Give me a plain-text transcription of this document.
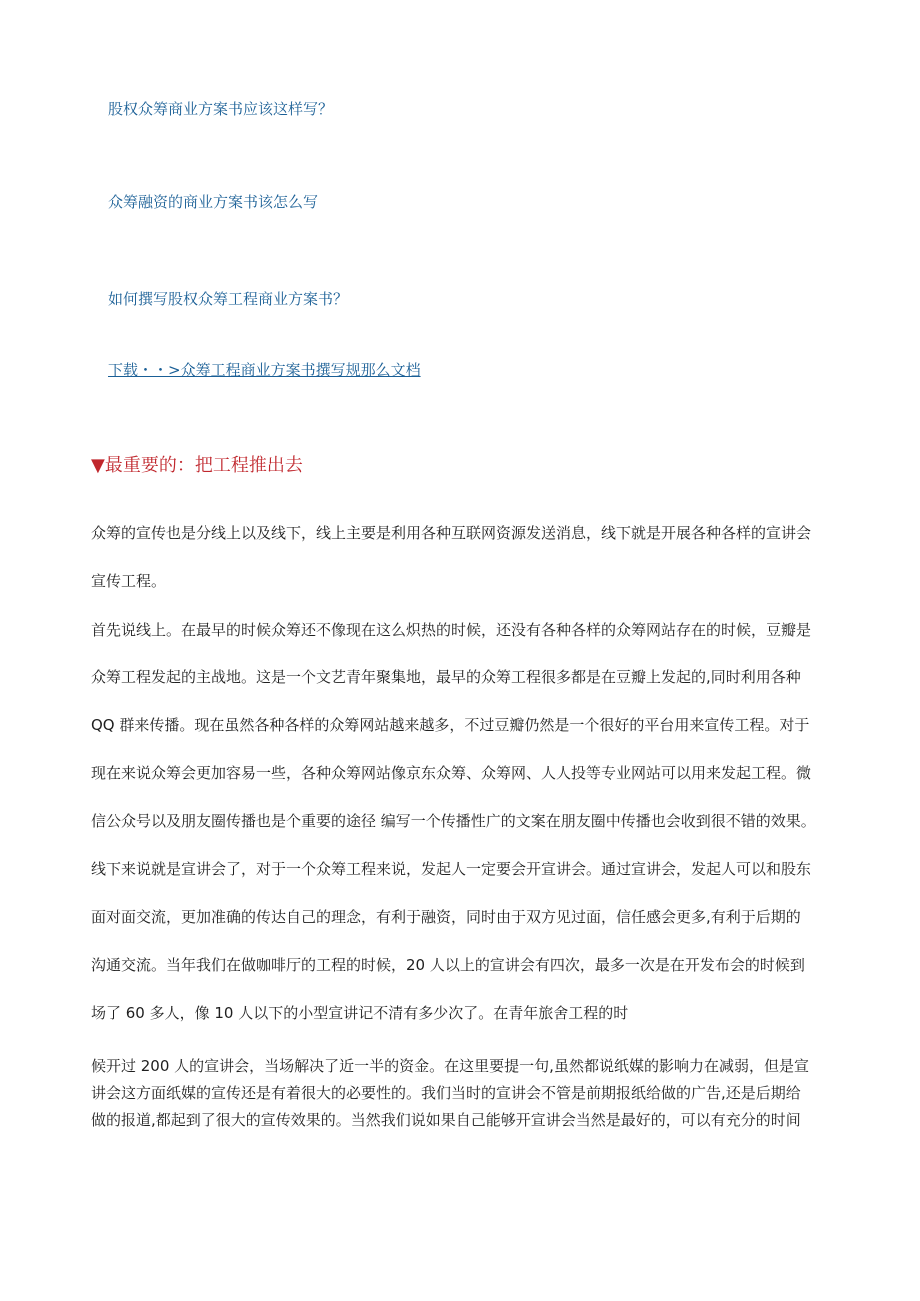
股权众筹商业方案书应该这样写？
众筹融资的商业方案书该怎么写
如何撰写股权众筹工程商业方案书？
下载・・>众筹工程商业方案书撰写规那么文档
▼最重要的：把工程推出去
众筹的宣传也是分线上以及线下，线上主要是利用各种互联网资源发送消息，线下就是开展各种各样的宣讲会
宣传工程。
首先说线上。在最早的时候众筹还不像现在这么炽热的时候，还没有各种各样的众筹网站存在的时候，豆瓣是
众筹工程发起的主战地。这是一个文艺青年聚集地，最早的众筹工程很多都是在豆瓣上发起的,同时利用各种
QQ 群来传播。现在虽然各种各样的众筹网站越来越多，不过豆瓣仍然是一个很好的平台用来宣传工程。对于
现在来说众筹会更加容易一些，各种众筹网站像京东众筹、众筹网、人人投等专业网站可以用来发起工程。微
信公众号以及朋友圈传播也是个重要的途径 编写一个传播性广的文案在朋友圈中传播也会收到很不错的效果。
线下来说就是宣讲会了，对于一个众筹工程来说，发起人一定要会开宣讲会。通过宣讲会，发起人可以和股东
面对面交流，更加准确的传达自己的理念，有利于融资，同时由于双方见过面，信任感会更多,有利于后期的
沟通交流。当年我们在做咖啡厅的工程的时候，20 人以上的宣讲会有四次，最多一次是在开发布会的时候到
场了 60 多人，像 10 人以下的小型宣讲记不清有多少次了。在青年旅舍工程的时
候开过 200 人的宣讲会，当场解决了近一半的资金。在这里要提一句,虽然都说纸媒的影响力在减弱，但是宣
讲会这方面纸媒的宣传还是有着很大的必要性的。我们当时的宣讲会不管是前期报纸给做的广告,还是后期给
做的报道,都起到了很大的宣传效果的。当然我们说如果自己能够开宣讲会当然是最好的，可以有充分的时间
